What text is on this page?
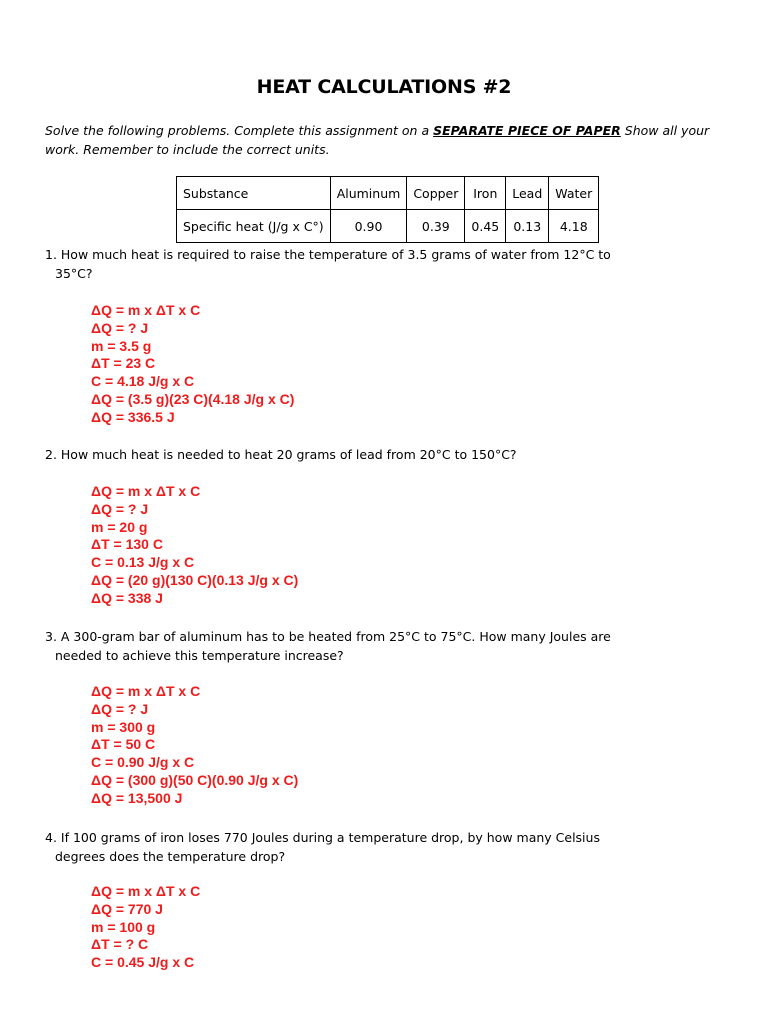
HEAT CALCULATIONS #2
Solve the following problems. Complete this assignment on a SEPARATE PIECE OF PAPER Show all your work. Remember to include the correct units.
Substance	Aluminum	Copper	Iron	Lead	Water
Specific heat (J/g x C°)	0.90	0.39	0.45	0.13	4.18
1. How much heat is required to raise the temperature of 3.5 grams of water from 12°C to
35°C?
ΔQ = m x ΔT x C
ΔQ = ? J
m = 3.5 g
ΔT = 23 C
C = 4.18 J/g x C
ΔQ = (3.5 g)(23 C)(4.18 J/g x C)
ΔQ = 336.5 J
2. How much heat is needed to heat 20 grams of lead from 20°C to 150°C?
ΔQ = m x ΔT x C
ΔQ = ? J
m = 20 g
ΔT = 130 C
C = 0.13 J/g x C
ΔQ = (20 g)(130 C)(0.13 J/g x C)
ΔQ = 338 J
3. A 300-gram bar of aluminum has to be heated from 25°C to 75°C. How many Joules are
needed to achieve this temperature increase?
ΔQ = m x ΔT x C
ΔQ = ? J
m = 300 g
ΔT = 50 C
C = 0.90 J/g x C
ΔQ = (300 g)(50 C)(0.90 J/g x C)
ΔQ = 13,500 J
4. If 100 grams of iron loses 770 Joules during a temperature drop, by how many Celsius
degrees does the temperature drop?
ΔQ = m x ΔT x C
ΔQ = 770 J
m = 100 g
ΔT = ? C
C = 0.45 J/g x C
